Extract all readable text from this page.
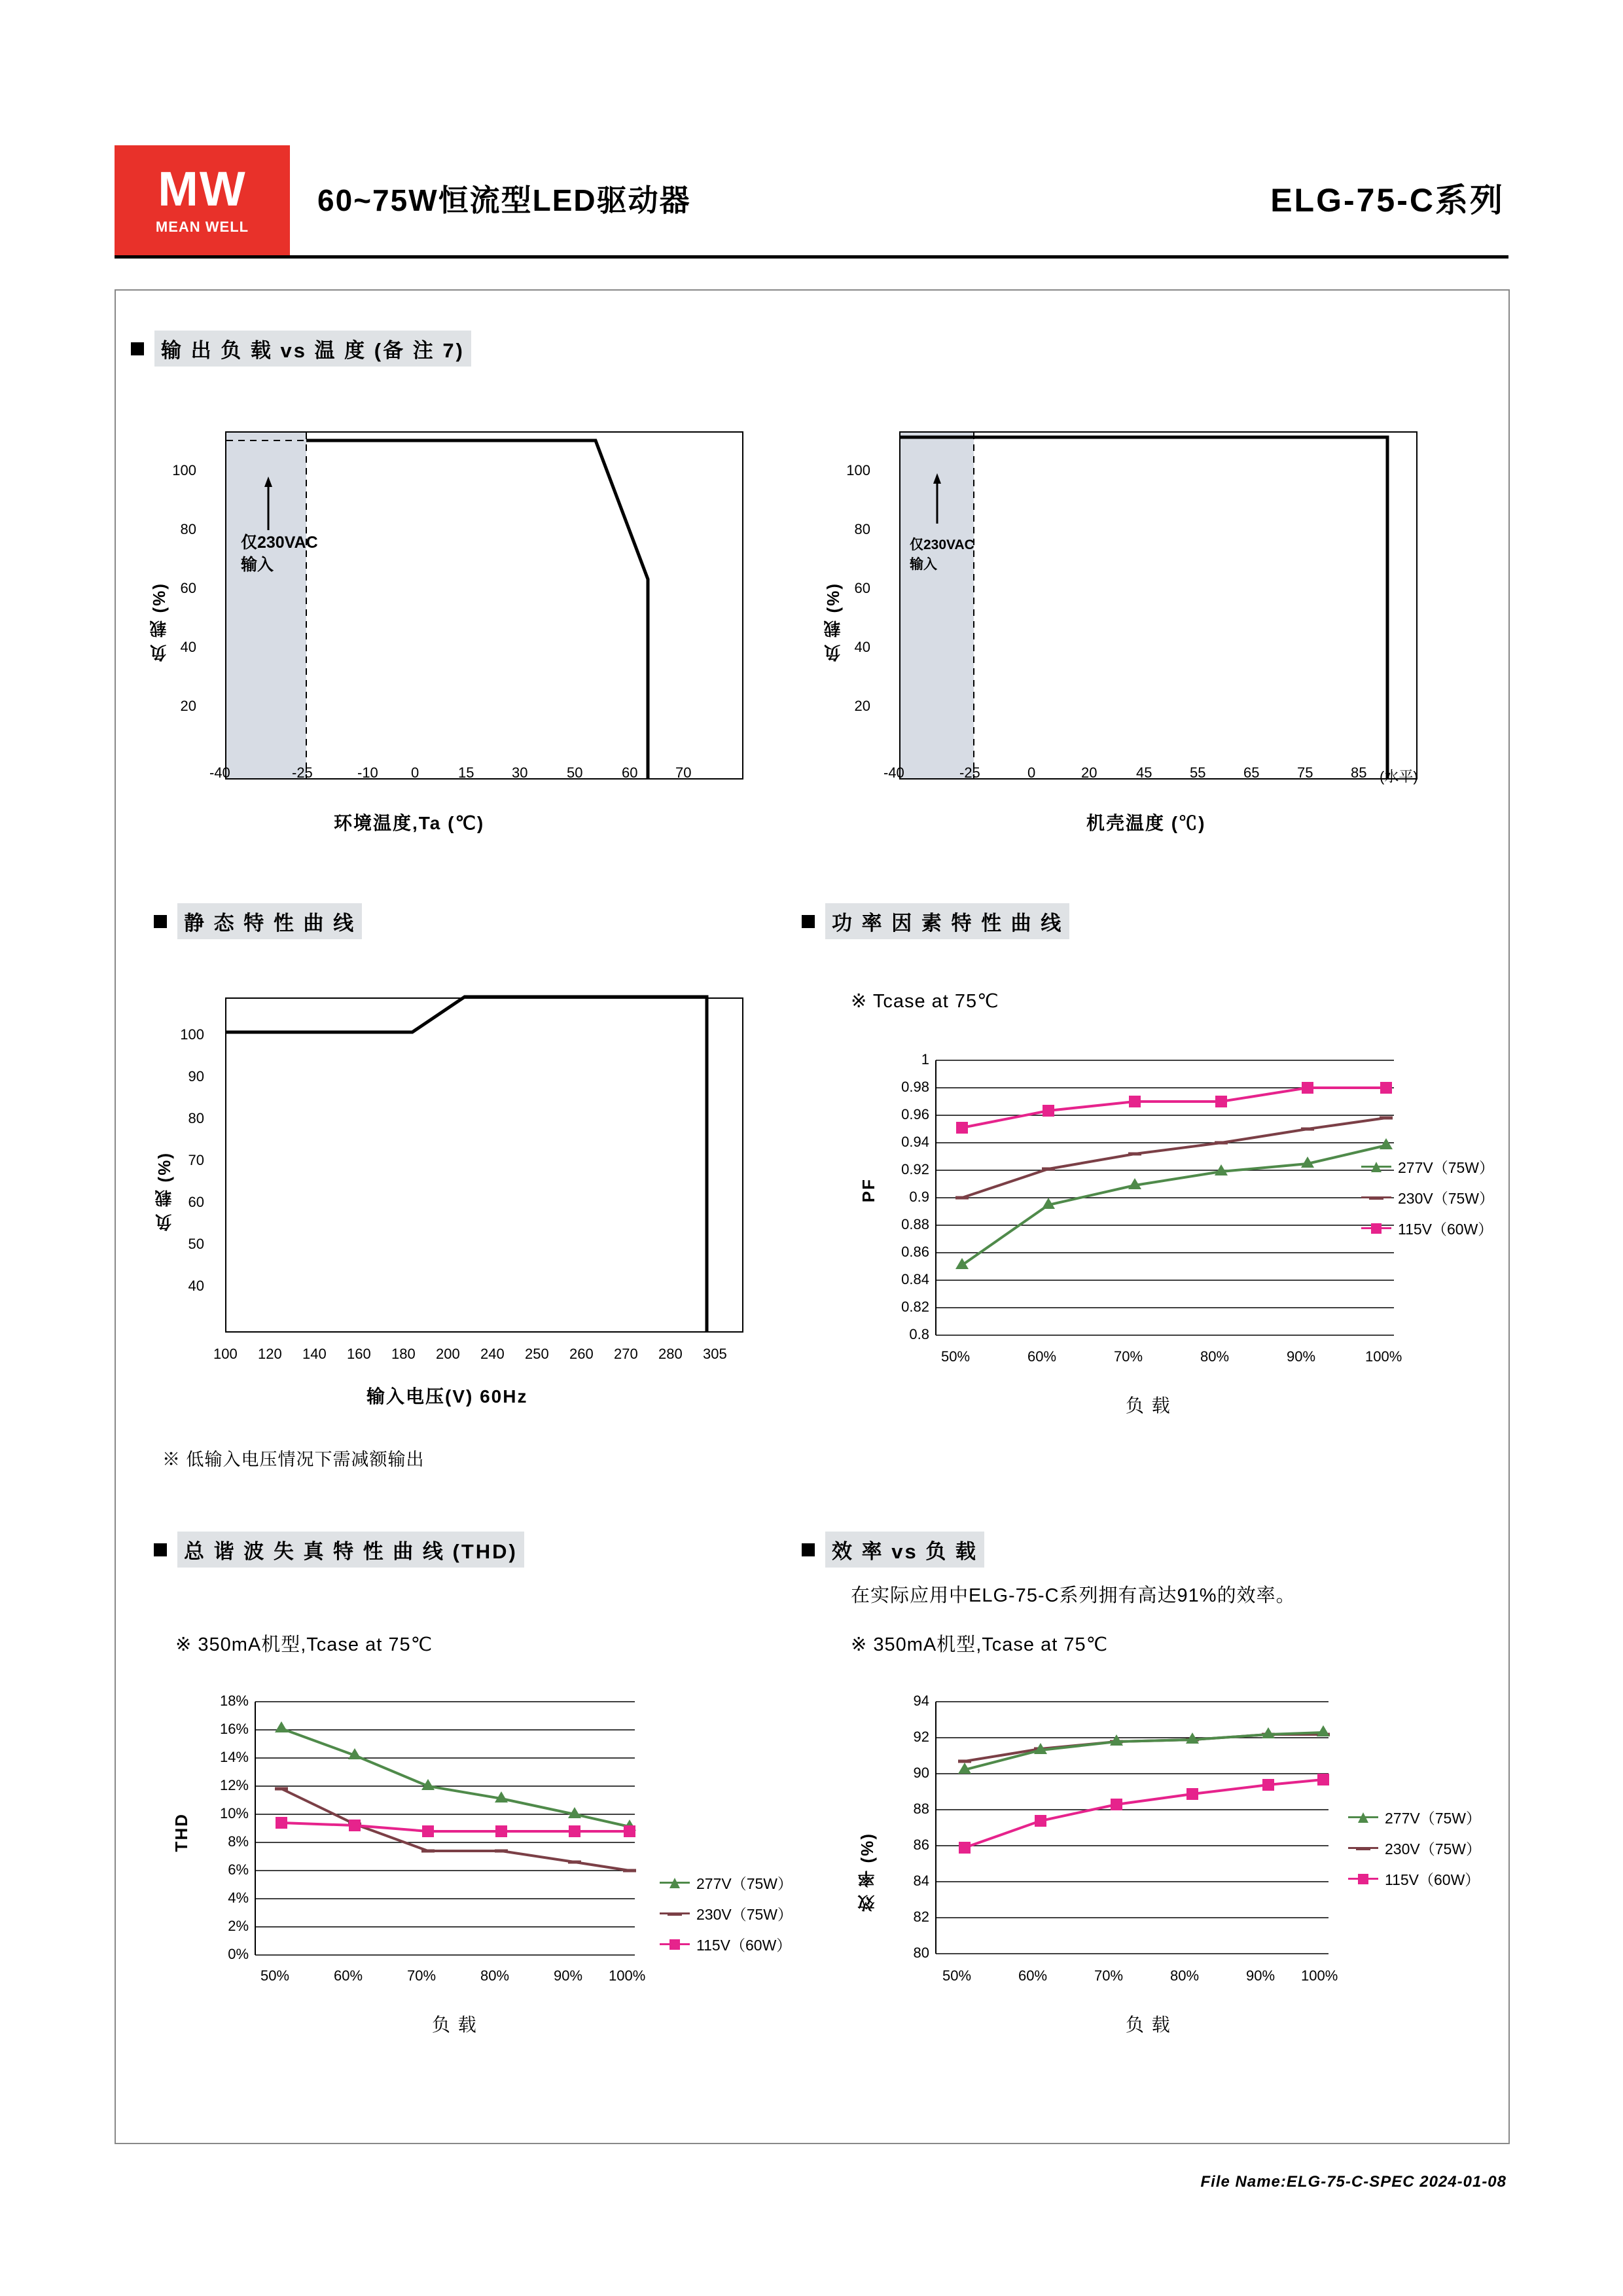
MW
MEAN WELL
60~75W恒流型LED驱动器	ELG-75-C系列
输 出 负 载 vs 温 度 (备 注 7)
100
80
60
40
20
-40	-25	-10 0	15	30	50	60	70
仅230VAC
输入
负 载 (%)
环境温度,Ta (℃)
100
80
60
40
20
-40	-25	0	20	45	55	65	75	85 (水平)
仅230VAC
输入
负 载 (%)
机壳温度 (℃)
静 态 特 性 曲 线	功 率 因 素 特 性 曲 线
100
90
80
70
60
50
40
100 120 140 160 180 200 240 250 260 270 280 305
负 载 (%)
输入电压(V) 60Hz
※ 低输入电压情况下需减额输出
※ Tcase at 75℃
1
0.98
0.96
0.94
0.92
0.9
0.88
0.86
0.84
0.82
0.8
50%	60%	70%	80%	90%	100%
PF
负 载
277V（75W）
230V（75W）
115V（60W）
总 谐 波 失 真 特 性 曲 线 (THD)	效 率 vs 负 载
在实际应用中ELG-75-C系列拥有高达91%的效率。
※ 350mA机型,Tcase at 75℃
※ 350mA机型,Tcase at 75℃
18%
16%
14%
12%
10%
8%
6%
4%
2%
0%
50%	60%	70%	80%	90% 100%
THD
负 载
277V（75W）
230V（75W）
115V（60W）
94
92
90
88
86
84
82
80
50%	60%	70%	80%	90% 100%
效 率 (%)
负 载
277V（75W）
230V（75W）
115V（60W）
File Name:ELG-75-C-SPEC 2024-01-08
